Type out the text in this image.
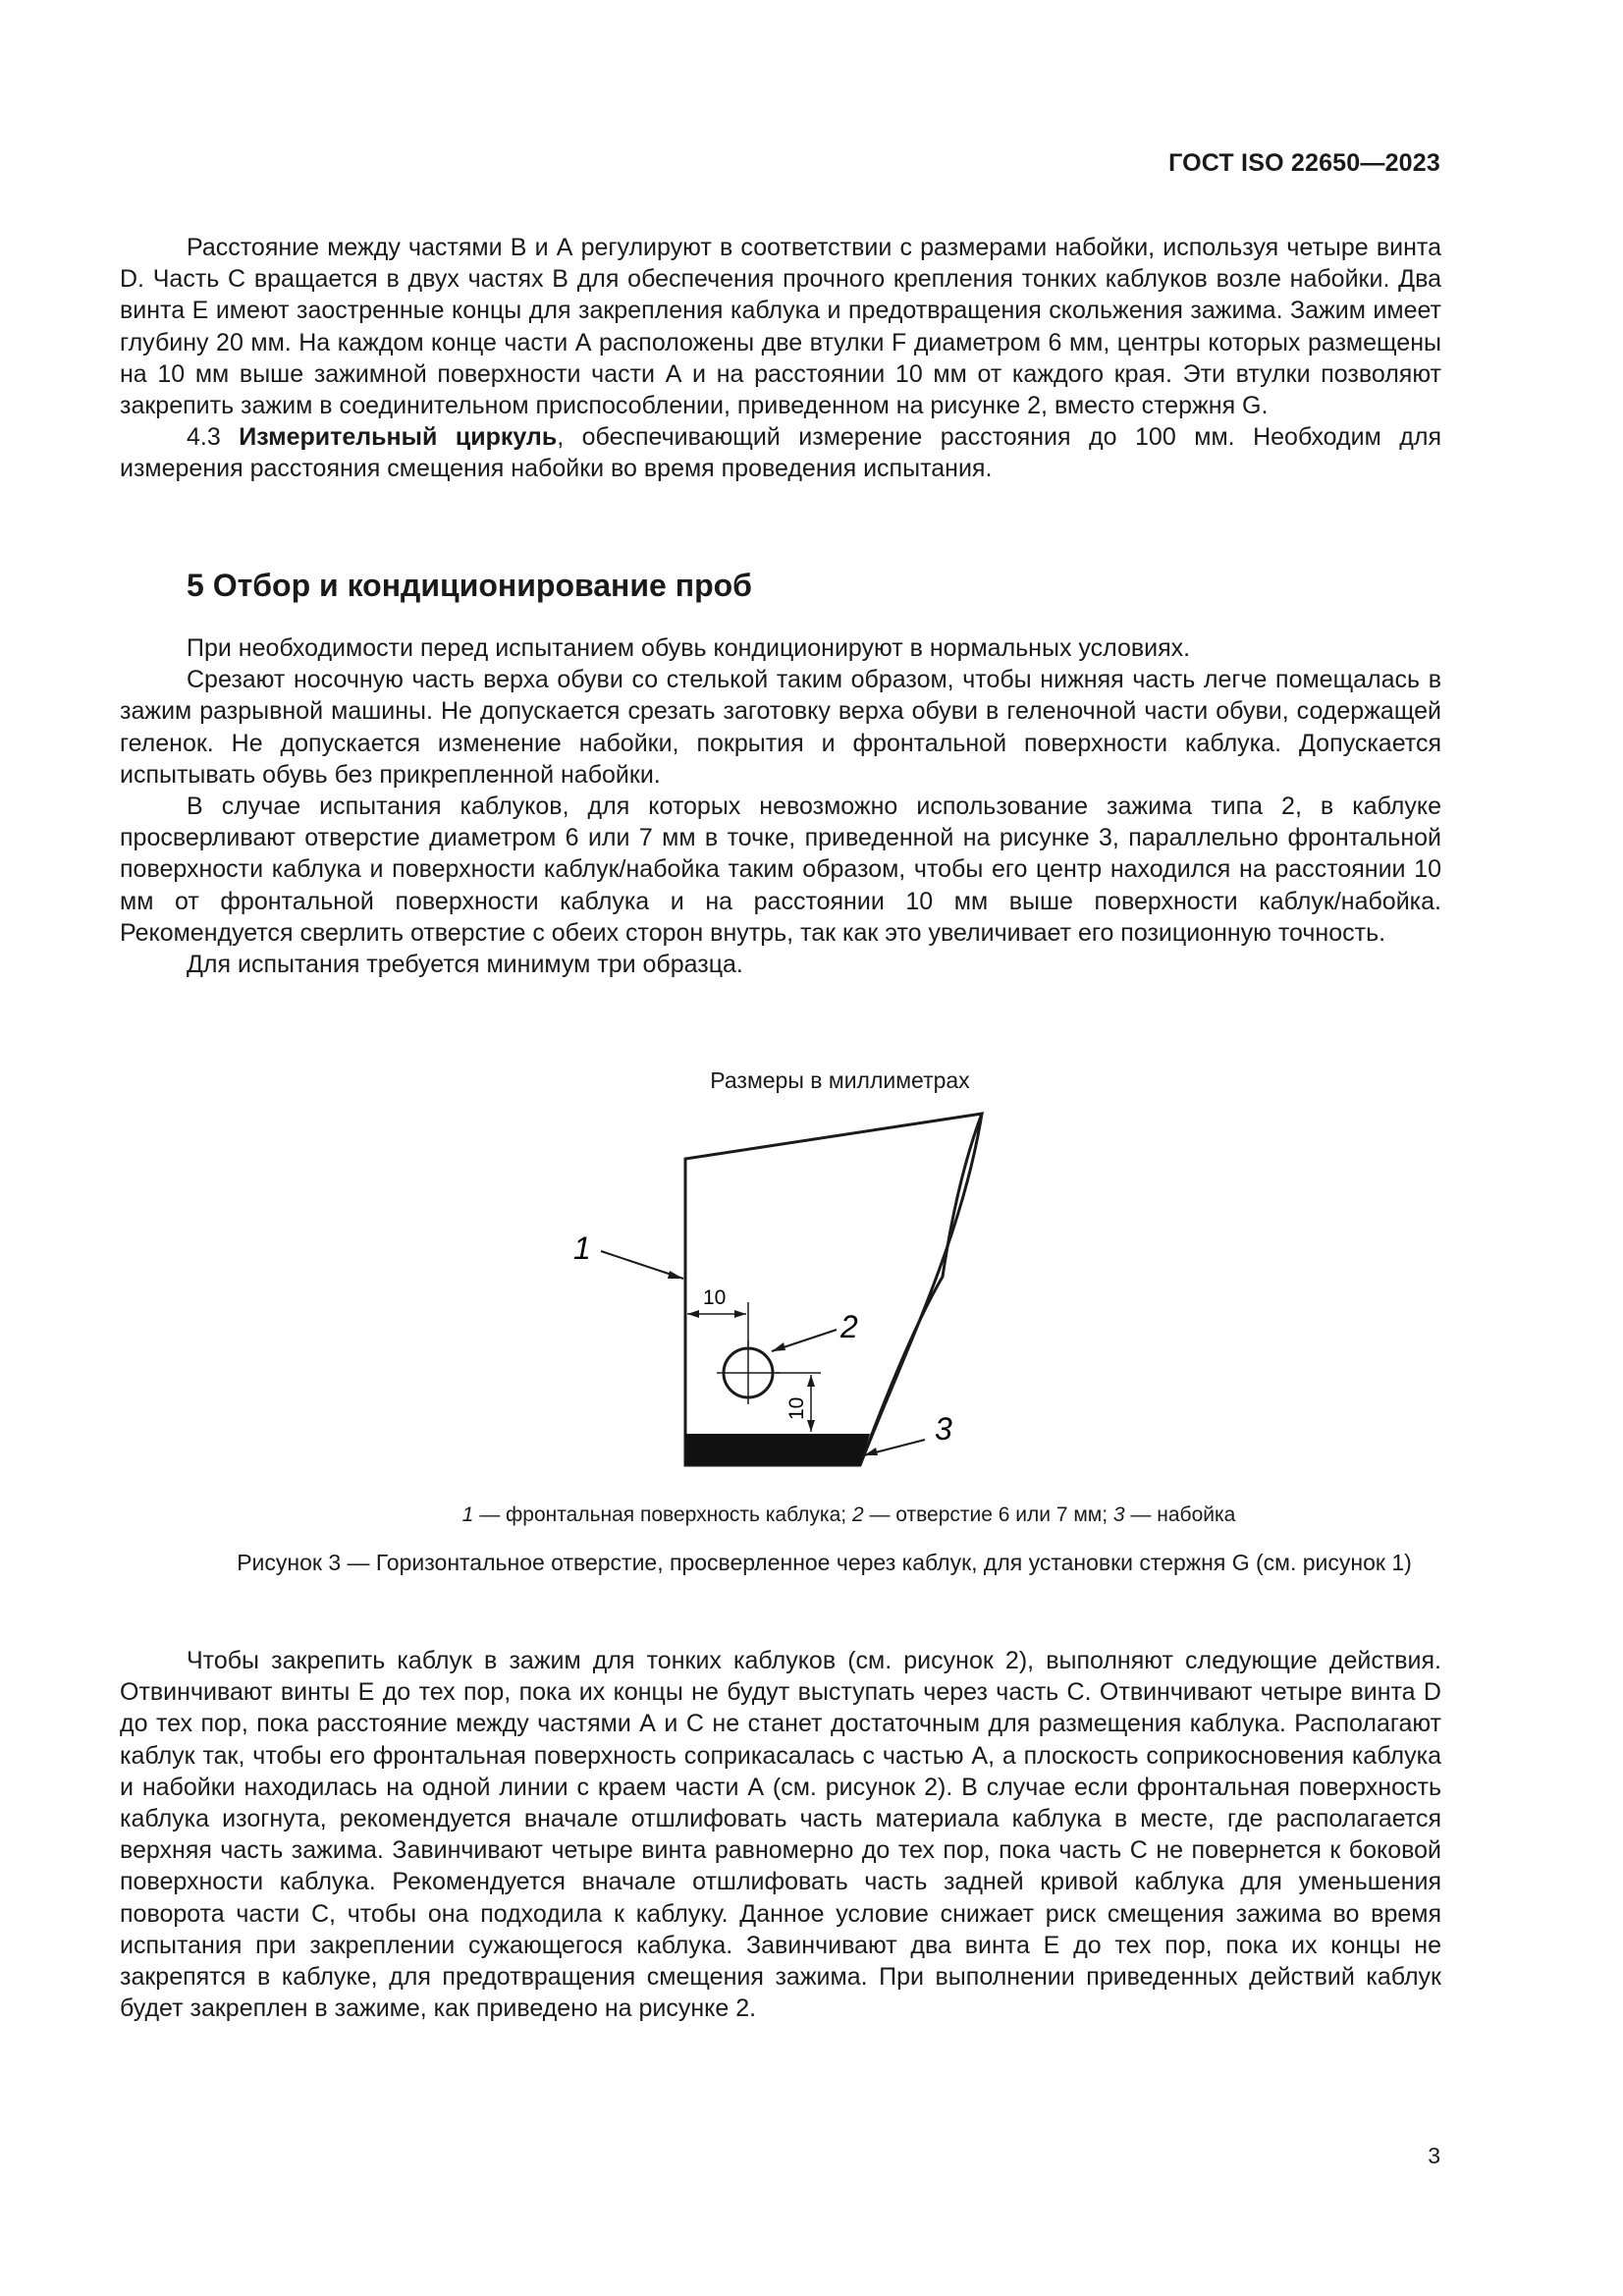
ГОСТ ISO 22650—2023

Расстояние между частями В и А регулируют в соответствии с размерами набойки, используя четыре винта D. Часть С вращается в двух частях В для обеспечения прочного крепления тонких каблуков возле набойки. Два винта Е имеют заостренные концы для закрепления каблука и предотвращения скольжения зажима. Зажим имеет глубину 20 мм. На каждом конце части А расположены две втулки F диаметром 6 мм, центры которых размещены на 10 мм выше зажимной поверхности части А и на расстоянии 10 мм от каждого края. Эти втулки позволяют закрепить зажим в соединительном приспособлении, приведенном на рисунке 2, вместо стержня G.

4.3 Измерительный циркуль, обеспечивающий измерение расстояния до 100 мм. Необходим для измерения расстояния смещения набойки во время проведения испытания.

5 Отбор и кондиционирование проб

При необходимости перед испытанием обувь кондиционируют в нормальных условиях.

Срезают носочную часть верха обуви со стелькой таким образом, чтобы нижняя часть легче помещалась в зажим разрывной машины. Не допускается срезать заготовку верха обуви в геленочной части обуви, содержащей геленок. Не допускается изменение набойки, покрытия и фронтальной поверхности каблука. Допускается испытывать обувь без прикрепленной набойки.

В случае испытания каблуков, для которых невозможно использование зажима типа 2, в каблуке просверливают отверстие диаметром 6 или 7 мм в точке, приведенной на рисунке 3, параллельно фронтальной поверхности каблука и поверхности каблук/набойка таким образом, чтобы его центр находился на расстоянии 10 мм от фронтальной поверхности каблука и на расстоянии 10 мм выше поверхности каблук/набойка. Рекомендуется сверлить отверстие с обеих сторон внутрь, так как это увеличивает его позиционную точность.

Для испытания требуется минимум три образца.

Размеры в миллиметрах
1
2
3
10
10
1 — фронтальная поверхность каблука; 2 — отверстие 6 или 7 мм; 3 — набойка
Рисунок 3 — Горизонтальное отверстие, просверленное через каблук, для установки стержня G (см. рисунок 1)

Чтобы закрепить каблук в зажим для тонких каблуков (см. рисунок 2), выполняют следующие действия. Отвинчивают винты Е до тех пор, пока их концы не будут выступать через часть С. Отвинчивают четыре винта D до тех пор, пока расстояние между частями А и С не станет достаточным для размещения каблука. Располагают каблук так, чтобы его фронтальная поверхность соприкасалась с частью А, а плоскость соприкосновения каблука и набойки находилась на одной линии с краем части А (см. рисунок 2). В случае если фронтальная поверхность каблука изогнута, рекомендуется вначале отшлифовать часть материала каблука в месте, где располагается верхняя часть зажима. Завинчивают четыре винта равномерно до тех пор, пока часть С не повернется к боковой поверхности каблука. Рекомендуется вначале отшлифовать часть задней кривой каблука для уменьшения поворота части С, чтобы она подходила к каблуку. Данное условие снижает риск смещения зажима во время испытания при закреплении сужающегося каблука. Завинчивают два винта Е до тех пор, пока их концы не закрепятся в каблуке, для предотвращения смещения зажима. При выполнении приведенных действий каблук будет закреплен в зажиме, как приведено на рисунке 2.

3
